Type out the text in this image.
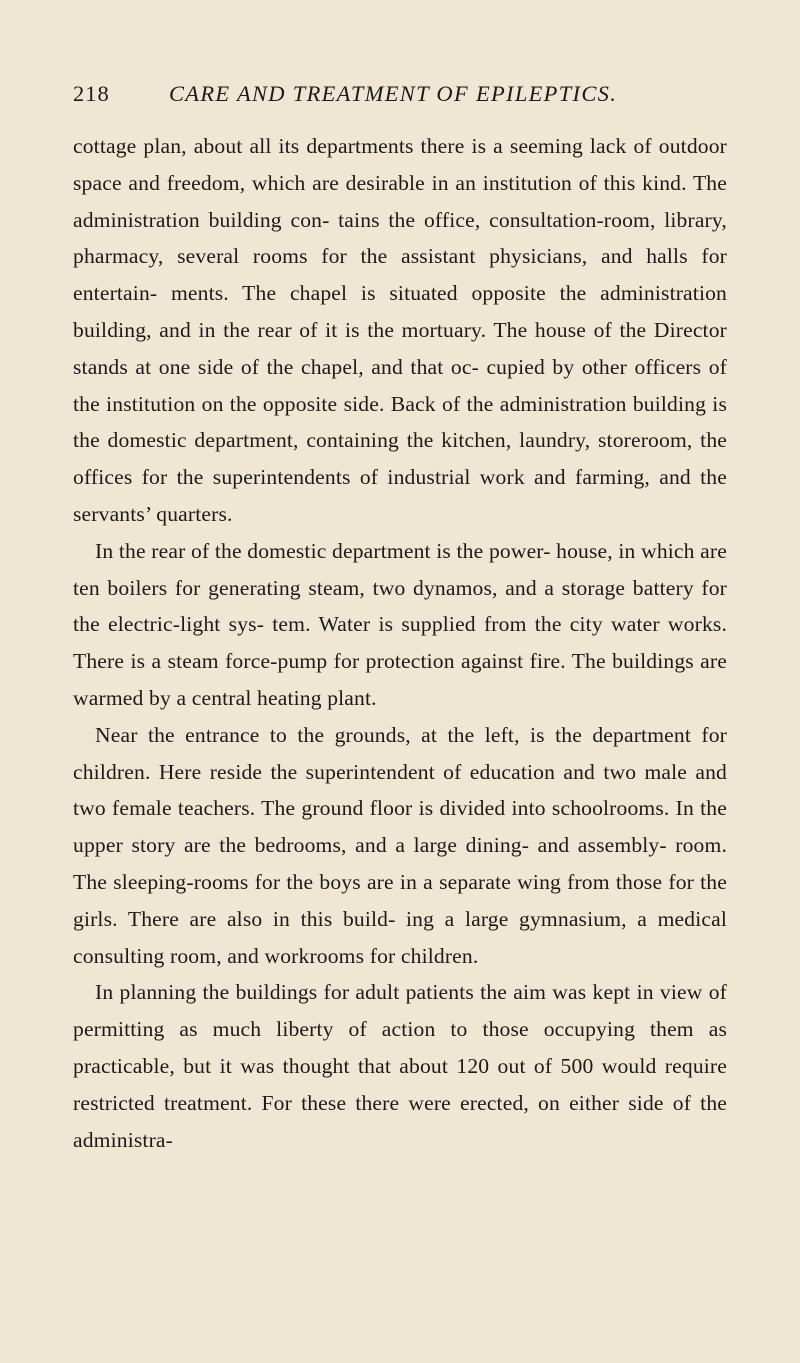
218	CARE AND TREATMENT OF EPILEPTICS.

cottage plan, about all its departments there is a seeming lack of outdoor space and freedom, which are desirable in an institution of this kind. The administration building con- tains the office, consultation-room, library, pharmacy, several rooms for the assistant physicians, and halls for entertain- ments. The chapel is situated opposite the administration building, and in the rear of it is the mortuary. The house of the Director stands at one side of the chapel, and that oc- cupied by other officers of the institution on the opposite side. Back of the administration building is the domestic department, containing the kitchen, laundry, storeroom, the offices for the superintendents of industrial work and farming, and the servants’ quarters.

In the rear of the domestic department is the power- house, in which are ten boilers for generating steam, two dynamos, and a storage battery for the electric-light sys- tem. Water is supplied from the city water works. There is a steam force-pump for protection against fire. The buildings are warmed by a central heating plant.

Near the entrance to the grounds, at the left, is the department for children. Here reside the superintendent of education and two male and two female teachers. The ground floor is divided into schoolrooms. In the upper story are the bedrooms, and a large dining- and assembly- room. The sleeping-rooms for the boys are in a separate wing from those for the girls. There are also in this build- ing a large gymnasium, a medical consulting room, and workrooms for children.

In planning the buildings for adult patients the aim was kept in view of permitting as much liberty of action to those occupying them as practicable, but it was thought that about 120 out of 500 would require restricted treatment. For these there were erected, on either side of the administra-
